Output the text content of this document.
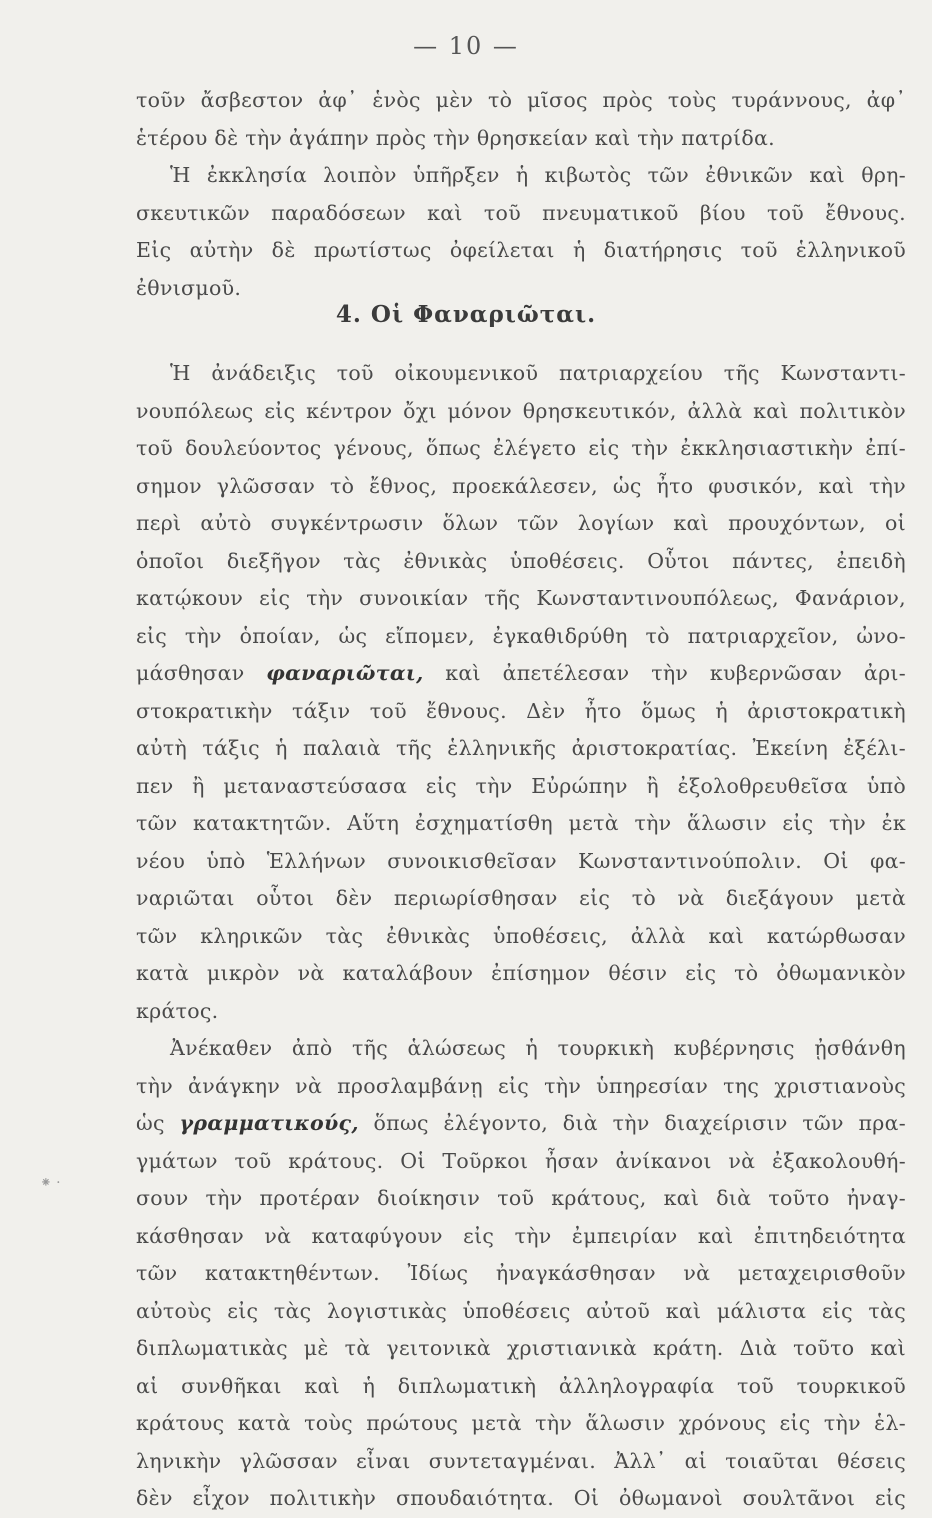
— 10 —
τοῦν ἄσβεστον ἀφ᾽ ἑνὸς μὲν τὸ μῖσος πρὸς τοὺς τυράννους, ἀφ᾽
ἑτέρου δὲ τὴν ἀγάπην πρὸς τὴν θρησκείαν καὶ τὴν πατρίδα.
Ἡ ἐκκλησία λοιπὸν ὑπῆρξεν ἡ κιβωτὸς τῶν ἐθνικῶν καὶ θρη-
σκευτικῶν παραδόσεων καὶ τοῦ πνευματικοῦ βίου τοῦ ἔθνους.
Εἰς αὐτὴν δὲ πρωτίστως ὀφείλεται ἡ διατήρησις τοῦ ἑλληνικοῦ
ἐθνισμοῦ.
4. Οἱ Φαναριῶται.
Ἡ ἀνάδειξις τοῦ οἰκουμενικοῦ πατριαρχείου τῆς Κωνσταντι-
νουπόλεως εἰς κέντρον ὄχι μόνον θρησκευτικόν, ἀλλὰ καὶ πολιτικὸν
τοῦ δουλεύοντος γένους, ὅπως ἐλέγετο εἰς τὴν ἐκκλησιαστικὴν ἐπί-
σημον γλῶσσαν τὸ ἔθνος, προεκάλεσεν, ὡς ἦτο φυσικόν, καὶ τὴν
περὶ αὐτὸ συγκέντρωσιν ὅλων τῶν λογίων καὶ προυχόντων, οἱ
ὁποῖοι διεξῆγον τὰς ἐθνικὰς ὑποθέσεις. Οὗτοι πάντες, ἐπειδὴ
κατῴκουν εἰς τὴν συνοικίαν τῆς Κωνσταντινουπόλεως, Φανάριον,
εἰς τὴν ὁποίαν, ὡς εἴπομεν, ἐγκαθιδρύθη τὸ πατριαρχεῖον, ὠνο-
μάσθησαν φαναριῶται, καὶ ἀπετέλεσαν τὴν κυβερνῶσαν ἀρι-
στοκρατικὴν τάξιν τοῦ ἔθνους. Δὲν ἦτο ὅμως ἡ ἀριστοκρατικὴ
αὐτὴ τάξις ἡ παλαιὰ τῆς ἑλληνικῆς ἀριστοκρατίας. Ἐκείνη ἐξέλι-
πεν ἢ μεταναστεύσασα εἰς τὴν Εὐρώπην ἢ ἐξολοθρευθεῖσα ὑπὸ
τῶν κατακτητῶν. Αὕτη ἐσχηματίσθη μετὰ τὴν ἅλωσιν εἰς τὴν ἐκ
νέου ὑπὸ Ἑλλήνων συνοικισθεῖσαν Κωνσταντινούπολιν. Οἱ φα-
ναριῶται οὗτοι δὲν περιωρίσθησαν εἰς τὸ νὰ διεξάγουν μετὰ
τῶν κληρικῶν τὰς ἐθνικὰς ὑποθέσεις, ἀλλὰ καὶ κατώρθωσαν
κατὰ μικρὸν νὰ καταλάβουν ἐπίσημον θέσιν εἰς τὸ ὀθωμανικὸν
κράτος.
Ἀνέκαθεν ἀπὸ τῆς ἁλώσεως ἡ τουρκικὴ κυβέρνησις ᾐσθάνθη
τὴν ἀνάγκην νὰ προσλαμβάνῃ εἰς τὴν ὑπηρεσίαν της χριστιανοὺς
ὡς γραμματικούς, ὅπως ἐλέγοντο, διὰ τὴν διαχείρισιν τῶν πρα-
γμάτων τοῦ κράτους. Οἱ Τοῦρκοι ἦσαν ἀνίκανοι νὰ ἐξακολουθή-
σουν τὴν προτέραν διοίκησιν τοῦ κράτους, καὶ διὰ τοῦτο ἠναγ-
κάσθησαν νὰ καταφύγουν εἰς τὴν ἐμπειρίαν καὶ ἐπιτηδειότητα
τῶν κατακτηθέντων. Ἰδίως ἠναγκάσθησαν νὰ μεταχειρισθοῦν
αὐτοὺς εἰς τὰς λογιστικὰς ὑποθέσεις αὐτοῦ καὶ μάλιστα εἰς τὰς
διπλωματικὰς μὲ τὰ γειτονικὰ χριστιανικὰ κράτη. Διὰ τοῦτο καὶ
αἱ συνθῆκαι καὶ ἡ διπλωματικὴ ἀλληλογραφία τοῦ τουρκικοῦ
κράτους κατὰ τοὺς πρώτους μετὰ τὴν ἅλωσιν χρόνους εἰς τὴν ἑλ-
ληνικὴν γλῶσσαν εἶναι συντεταγμέναι. Ἀλλ᾽ αἱ τοιαῦται θέσεις
δὲν εἶχον πολιτικὴν σπουδαιότητα. Οἱ ὀθωμανοὶ σουλτᾶνοι εἰς
⁕ ·
